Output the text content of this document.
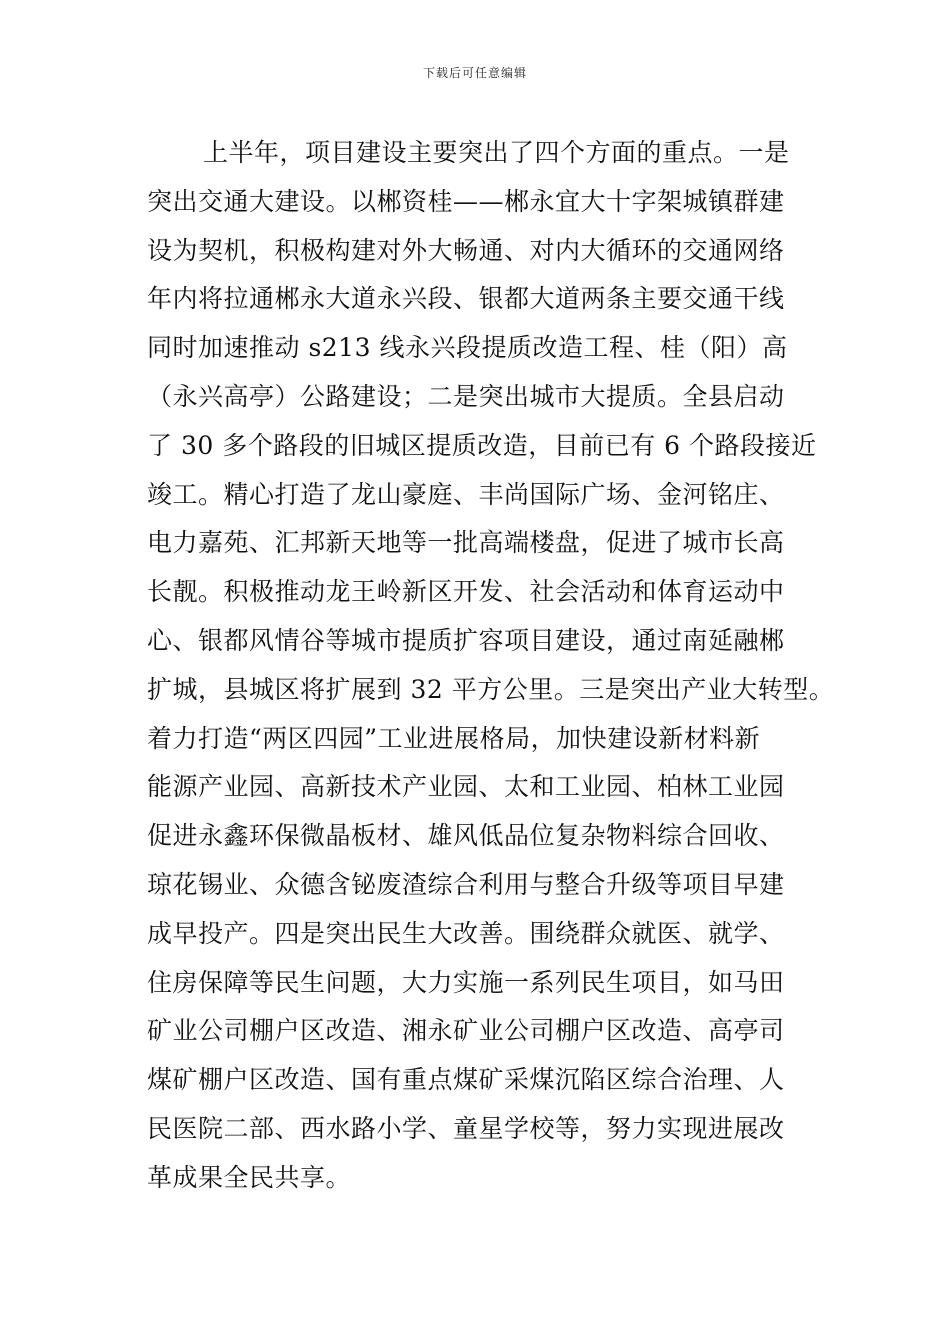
下载后可任意编辑
上半年，项目建设主要突出了四个方面的重点。一是
突出交通大建设。以郴资桂——郴永宜大十字架城镇群建
设为契机，积极构建对外大畅通、对内大循环的交通网络
年内将拉通郴永大道永兴段、银都大道两条主要交通干线
同时加速推动 s213 线永兴段提质改造工程、桂（阳）高
（永兴高亭）公路建设；二是突出城市大提质。全县启动
了 30 多个路段的旧城区提质改造，目前已有 6 个路段接近
竣工。精心打造了龙山豪庭、丰尚国际广场、金河铭庄、
电力嘉苑、汇邦新天地等一批高端楼盘，促进了城市长高
长靓。积极推动龙王岭新区开发、社会活动和体育运动中
心、银都风情谷等城市提质扩容项目建设，通过南延融郴
扩城，县城区将扩展到 32 平方公里。三是突出产业大转型。
着力打造“两区四园”工业进展格局，加快建设新材料新
能源产业园、高新技术产业园、太和工业园、柏林工业园
促进永鑫环保微晶板材、雄风低品位复杂物料综合回收、
琼花锡业、众德含铋废渣综合利用与整合升级等项目早建
成早投产。四是突出民生大改善。围绕群众就医、就学、
住房保障等民生问题，大力实施一系列民生项目，如马田
矿业公司棚户区改造、湘永矿业公司棚户区改造、高亭司
煤矿棚户区改造、国有重点煤矿采煤沉陷区综合治理、人
民医院二部、西水路小学、童星学校等，努力实现进展改
革成果全民共享。
